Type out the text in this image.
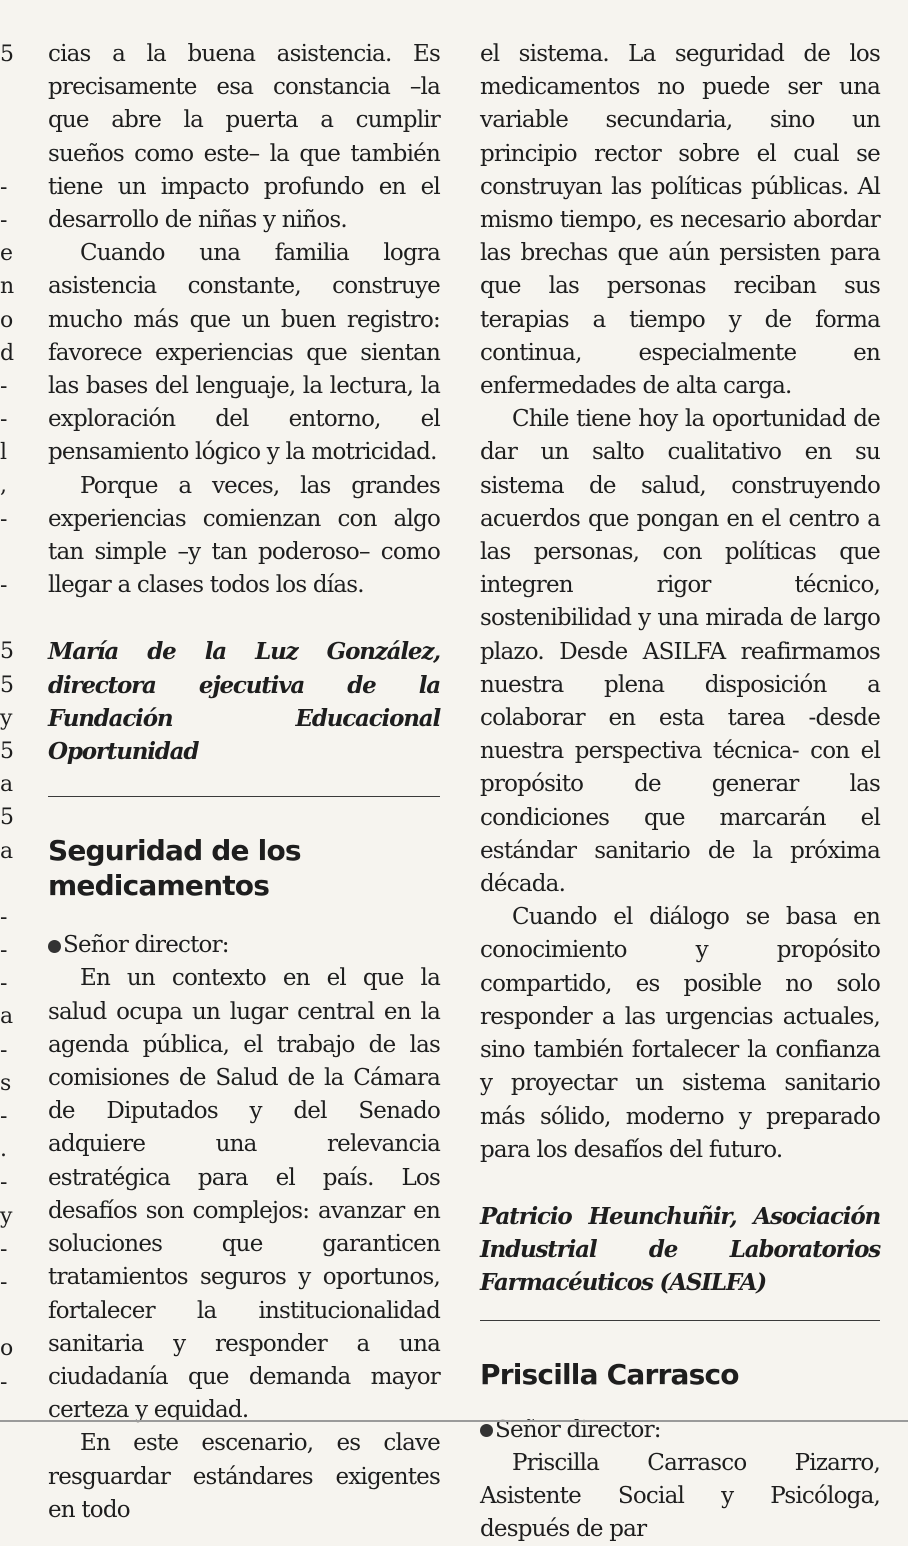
5
-
-
e
n
o
d
-
-
l
,
-
-
5
5
y
5
a
5
a
-
-
-
a
-
s
-
.
-
y
-
-
o
-

cias a la buena asistencia. Es precisamente esa constancia –la que abre la puerta a cumplir sueños como este– la que también tiene un impacto profundo en el desarrollo de niñas y niños.

Cuando una familia logra asistencia constante, construye mucho más que un buen registro: favorece experiencias que sientan las bases del lenguaje, la lectura, la exploración del entorno, el pensamiento lógico y la motricidad.

Porque a veces, las grandes experiencias comienzan con algo tan simple –y tan poderoso– como llegar a clases todos los días.

María de la Luz González, directora ejecutiva de la Fundación Educacional Oportunidad

Seguridad de los medicamentos

Señor director:

En un contexto en el que la salud ocupa un lugar central en la agenda pública, el trabajo de las comisiones de Salud de la Cámara de Diputados y del Senado adquiere una relevancia estratégica para el país. Los desafíos son complejos: avanzar en soluciones que garanticen tratamientos seguros y oportunos, fortalecer la institucionalidad sanitaria y responder a una ciudadanía que demanda mayor certeza y equidad.

En este escenario, es clave resguardar estándares exigentes en todo

el sistema. La seguridad de los medicamentos no puede ser una variable secundaria, sino un principio rector sobre el cual se construyan las políticas públicas. Al mismo tiempo, es necesario abordar las brechas que aún persisten para que las personas reciban sus terapias a tiempo y de forma continua, especialmente en enfermedades de alta carga.

Chile tiene hoy la oportunidad de dar un salto cualitativo en su sistema de salud, construyendo acuerdos que pongan en el centro a las personas, con políticas que integren rigor técnico, sostenibilidad y una mirada de largo plazo. Desde ASILFA reafirmamos nuestra plena disposición a colaborar en esta tarea -desde nuestra perspectiva técnica- con el propósito de generar las condiciones que marcarán el estándar sanitario de la próxima década.

Cuando el diálogo se basa en conocimiento y propósito compartido, es posible no solo responder a las urgencias actuales, sino también fortalecer la confianza y proyectar un sistema sanitario más sólido, moderno y preparado para los desafíos del futuro.

Patricio Heunchuñir, Asociación Industrial de Laboratorios Farmacéuticos (ASILFA)

Priscilla Carrasco

Señor director:

Priscilla Carrasco Pizarro, Asistente Social y Psicóloga, después de par
